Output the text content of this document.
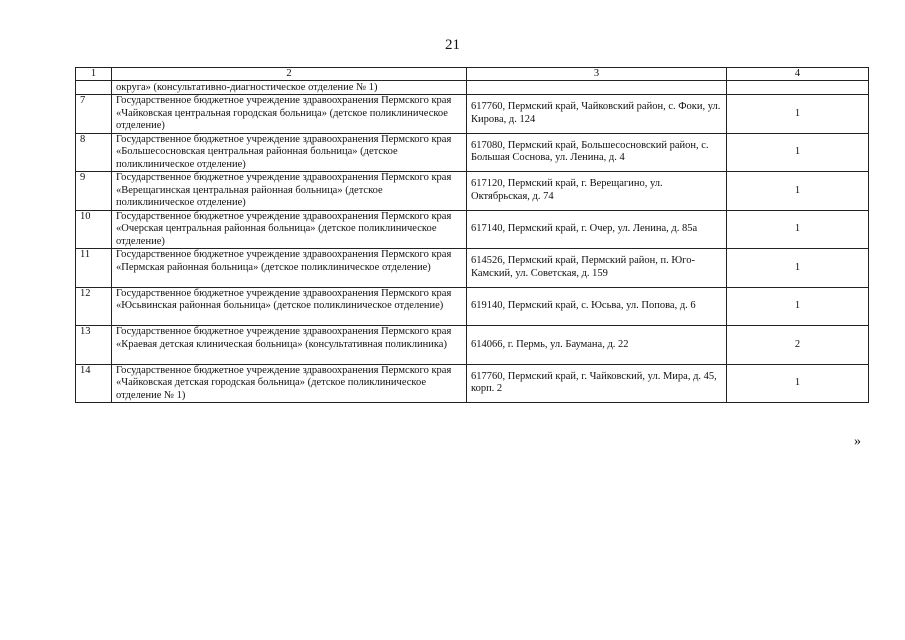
21
1	2	3	4
	округа» (консультативно-диагностическое отделение № 1)		
7	Государственное бюджетное учреждение здравоохранения Пермского края «Чайковская центральная городская больница» (детское поликлиническое отделение)	617760, Пермский край, Чайковский район, с. Фоки, ул. Кирова, д. 124	1
8	Государственное бюджетное учреждение здравоохранения Пермского края «Большесосновская центральная районная больница» (детское поликлиническое отделение)	617080, Пермский край, Большесосновский район, с. Большая Соснова, ул. Ленина, д. 4	1
9	Государственное бюджетное учреждение здравоохранения Пермского края «Верещагинская центральная районная больница» (детское поликлиническое отделение)	617120, Пермский край, г. Верещагино, ул. Октябрьская, д. 74	1
10	Государственное бюджетное учреждение здравоохранения Пермского края «Очерская центральная районная больница» (детское поликлиническое отделение)	617140, Пермский край, г. Очер, ул. Ленина, д. 85а	1
11	Государственное бюджетное учреждение здравоохранения Пермского края «Пермская районная больница» (детское поликлиническое отделение)	614526, Пермский край, Пермский район, п. Юго-Камский, ул. Советская, д. 159	1
12	Государственное бюджетное учреждение здравоохранения Пермского края «Юсьвинская районная больница» (детское поликлиническое отделение)	619140, Пермский край, с. Юсьва, ул. Попова, д. 6	1
13	Государственное бюджетное учреждение здравоохранения Пермского края «Краевая детская клиническая больница» (консультативная поликлиника)	614066, г. Пермь, ул. Баумана, д. 22	2
14	Государственное бюджетное учреждение здравоохранения Пермского края «Чайковская детская городская больница» (детское поликлиническое отделение № 1)	617760, Пермский край, г. Чайковский, ул. Мира, д. 45, корп. 2	1
»
